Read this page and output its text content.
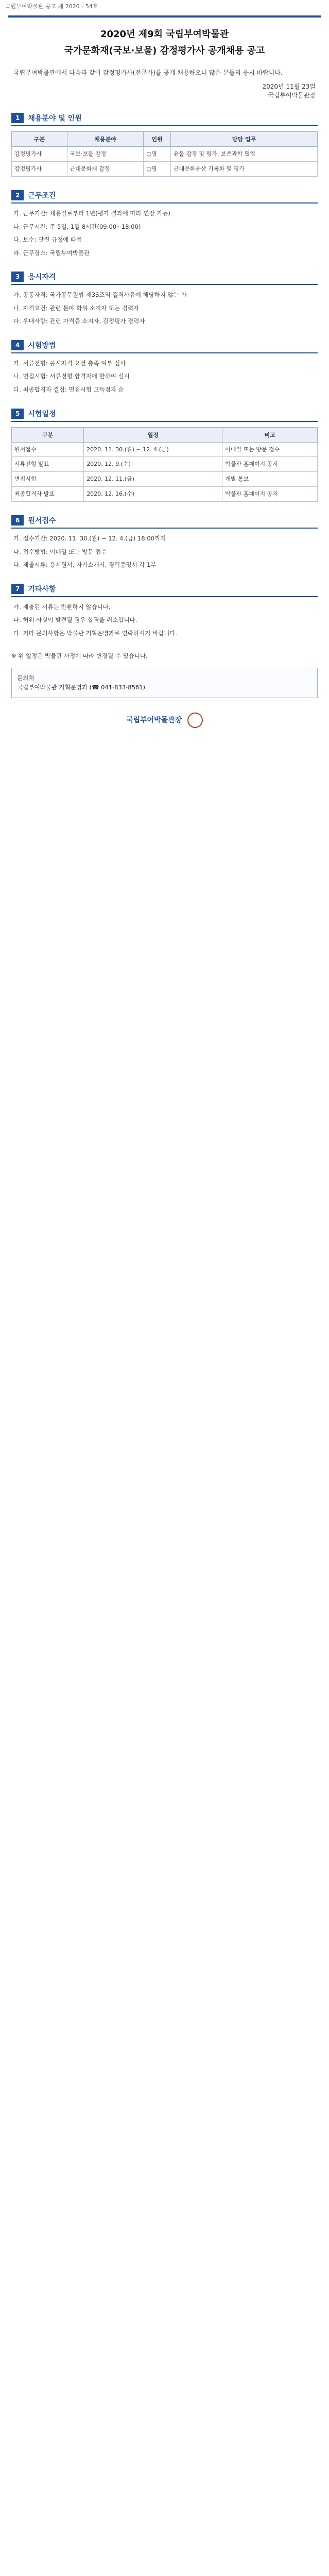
국립부여박물관 공고 제 2020 - 54호
2020년 제9회 국립부여박물관
국가문화재(국보·보물) 감정평가사 공개채용 공고
국립부여박물관에서 다음과 같이 감정평가사(전문가)를 공개 채용하오니 많은 분들의 응시 바랍니다.
2020년 11월 23일
국립부여박물관장
1	채용분야 및 인원
구분	채용분야	인원	담당 업무
감정평가사	국보·보물 감정	○명	유물 감정 및 평가, 보존과학 협업
감정평가사	근대문화재 감정	○명	근대문화유산 기록화 및 평가
2	근무조건
가. 근무기간: 채용일로부터 1년(평가 결과에 따라 연장 가능)
나. 근무시간: 주 5일, 1일 8시간(09:00~18:00)
다. 보수: 관련 규정에 따름
라. 근무장소: 국립부여박물관
3	응시자격
가. 공통자격: 국가공무원법 제33조의 결격사유에 해당하지 않는 자
나. 자격요건: 관련 분야 학위 소지자 또는 경력자
다. 우대사항: 관련 자격증 소지자, 감정평가 경력자
4	시험방법
가. 서류전형: 응시자격 요건 충족 여부 심사
나. 면접시험: 서류전형 합격자에 한하여 실시
다. 최종합격자 결정: 면접시험 고득점자 순
5	시험일정
구분	일정	비고
원서접수	2020. 11. 30.(월) ~ 12. 4.(금)	이메일 또는 방문 접수
서류전형 발표	2020. 12. 9.(수)	박물관 홈페이지 공지
면접시험	2020. 12. 11.(금)	개별 통보
최종합격자 발표	2020. 12. 16.(수)	박물관 홈페이지 공지
6	원서접수
가. 접수기간: 2020. 11. 30.(월) ~ 12. 4.(금) 18:00까지
나. 접수방법: 이메일 또는 방문 접수
다. 제출서류: 응시원서, 자기소개서, 경력증명서 각 1부
7	기타사항
가. 제출된 서류는 반환하지 않습니다.
나. 허위 사실이 발견될 경우 합격을 취소합니다.
다. 기타 문의사항은 박물관 기획운영과로 연락하시기 바랍니다.
※ 위 일정은 박물관 사정에 따라 변경될 수 있습니다.
문의처
국립부여박물관 기획운영과 (☎ 041-833-8561)
국립부여박물관장
